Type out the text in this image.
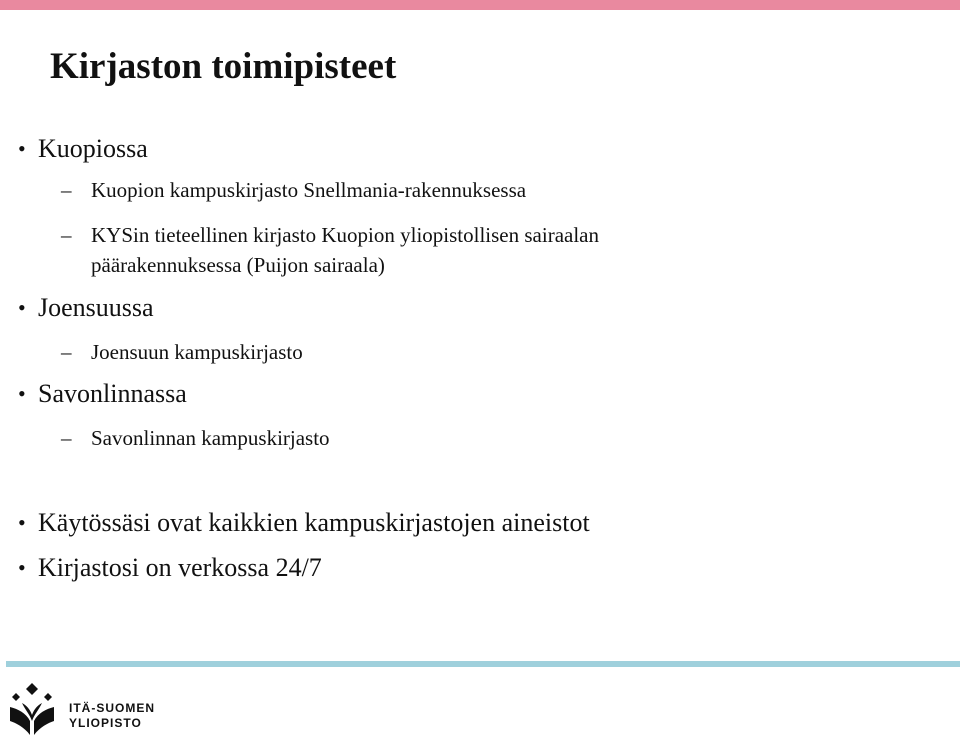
Kirjaston toimipisteet
• Kuopiossa
– Kuopion kampuskirjasto Snellmania-rakennuksessa
– KYSin tieteellinen kirjasto Kuopion yliopistollisen sairaalan
päärakennuksessa (Puijon sairaala)
• Joensuussa
– Joensuun kampuskirjasto
• Savonlinnassa
– Savonlinnan kampuskirjasto
• Käytössäsi ovat kaikkien kampuskirjastojen aineistot
• Kirjastosi on verkossa 24/7
ITÄ-SUOMEN
YLIOPISTO
